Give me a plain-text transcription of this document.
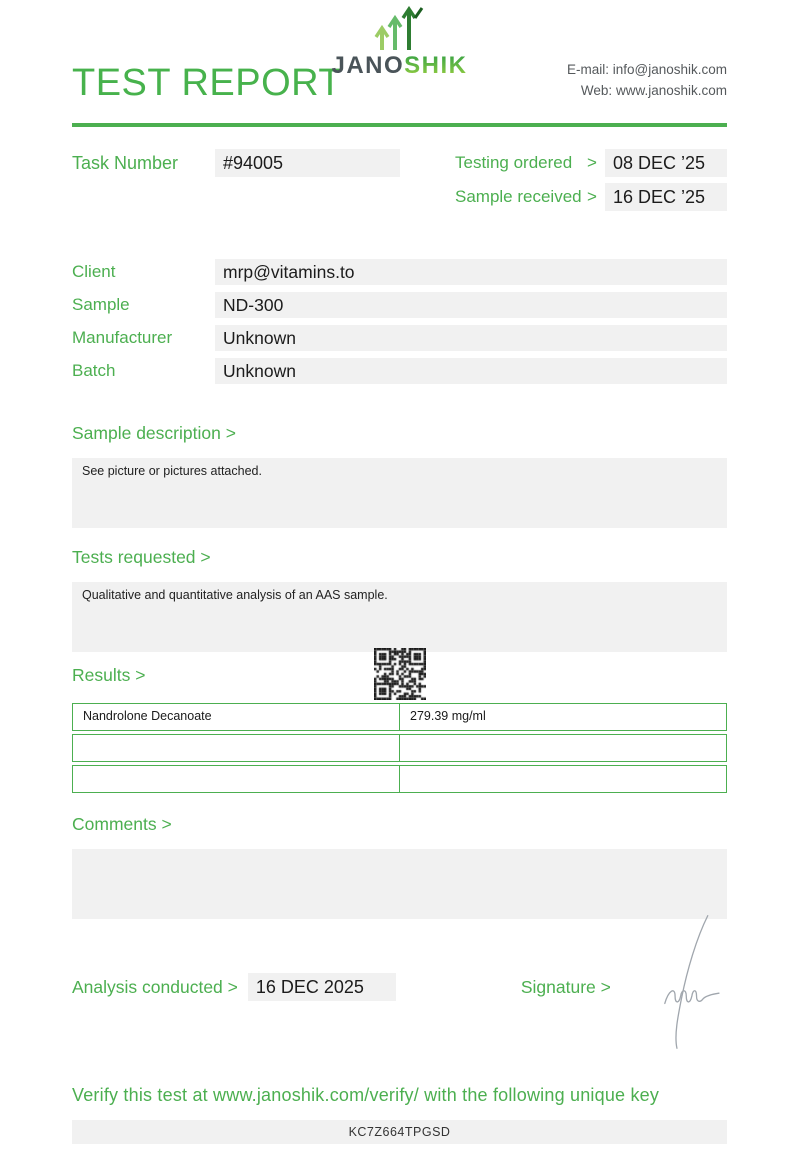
TEST REPORT
JANOSHIK	E-mail: info@janoshik.com
Web: www.janoshik.com
Task Number	#94005	Testing ordered > 08 DEC ’25
Sample received > 16 DEC ’25
Client	mrp@vitamins.to
Sample	ND-300
Manufacturer	Unknown
Batch	Unknown
Sample description >
See picture or pictures attached.
Tests requested >
Qualitative and quantitative analysis of an AAS sample.
Results >
Nandrolone Decanoate	279.39 mg/ml
Comments >
Analysis conducted >	16 DEC 2025	Signature >
Verify this test at www.janoshik.com/verify/ with the following unique key
KC7Z664TPGSD
